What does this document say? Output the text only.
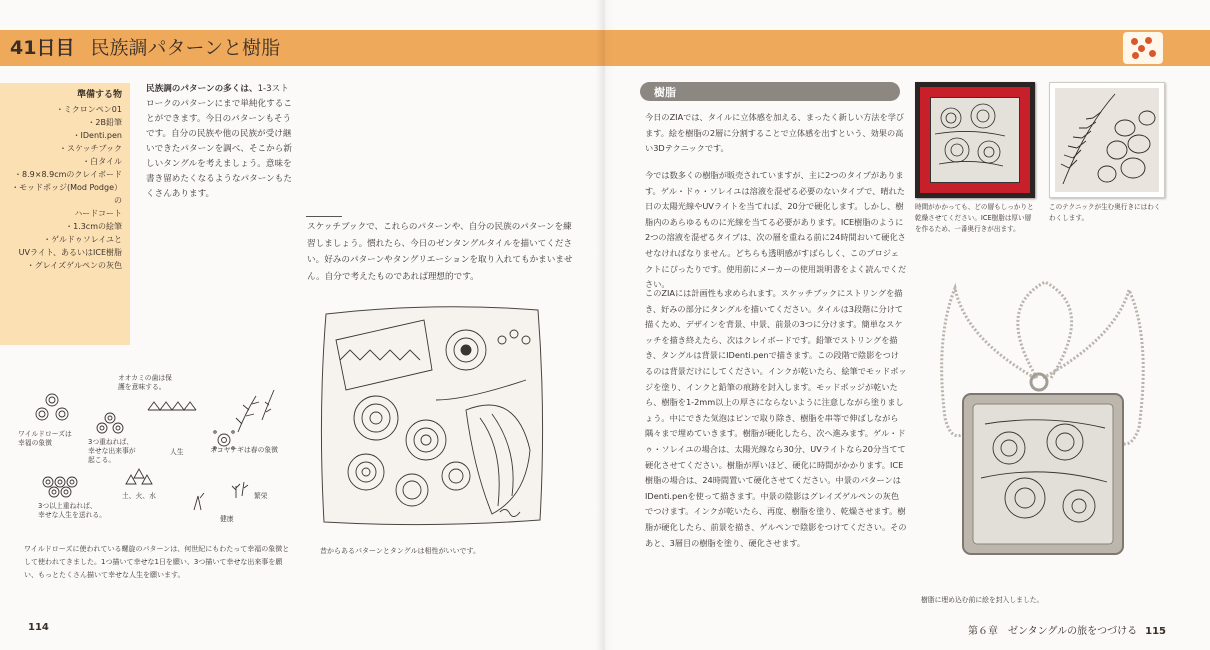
41日目 民族調パターンと樹脂
準備する物
・ミクロンペン01
・2B鉛筆
・IDenti.pen
・スケッチブック
・白タイル
・8.9×8.9cmのクレイボード
・モッドポッジ(Mod Podge）の
ハードコート
・1.3cmの絵筆
・ゲルドゥソレイユと
UVライト、あるいはICE樹脂
・グレイズゲルペンの灰色

民族調のパターンの多くは、1-3ストロークのパターンにまで単純化することができます。今日のパターンもそうです。自分の民族や他の民族が受け継いできたパターンを調べ、そこから新しいタングルを考えましょう。意味を書き留めたくなるようなパターンもたくさんあります。

スケッチブックで、これらのパターンや、自分の民族のパターンを練習しましょう。慣れたら、今日のゼンタングルタイルを描いてください。好みのパターンやタングリエーションを取り入れてもかまいません。自分で考えたものであれば理想的です。

オオカミの歯は保
護を意味する。
ワイルドローズは
幸福の象徴	3つ重ねれば、
幸せな出来事が
起こる。
人生	ネコヤナギは春の象徴
土、火、水
3つ以上重ねれば、
幸せな人生を送れる。
繁栄
健康

ワイルドローズに使われている螺旋のパターンは、何世紀にもわたって幸福の象徴として使われてきました。1つ描いて幸せな1日を願い、3つ描いて幸せな出来事を願い、もっとたくさん描いて幸せな人生を願います。

昔からあるパターンとタングルは相性がいいです。
114
樹脂

今日のZIAでは、タイルに立体感を加える、まったく新しい方法を学びます。絵を樹脂の2層に分割することで立体感を出すという、効果の高い3Dテクニックです。

今では数多くの樹脂が販売されていますが、主に2つのタイプがあります。ゲル・ドゥ・ソレイユは溶液を混ぜる必要のないタイプで、晴れた日の太陽光線やUVライトを当てれば、20分で硬化します。しかし、樹脂内のあらゆるものに光線を当てる必要があります。ICE樹脂のように2つの溶液を混ぜるタイプは、次の層を重ねる前に24時間おいて硬化させなければなりません。どちらも透明感がすばらしく、このプロジェクトにぴったりです。使用前にメーカーの使用説明書をよく読んでください。

このZIAには計画性も求められます。スケッチブックにストリングを描き、好みの部分にタングルを描いてください。タイルは3段階に分けて描くため、デザインを背景、中景、前景の3つに分けます。簡単なスケッチを描き終えたら、次はクレイボードです。鉛筆でストリングを描き、タングルは背景にIDenti.penで描きます。この段階で陰影をつけるのは背景だけにしてください。インクが乾いたら、絵筆でモッドポッジを塗り、インクと鉛筆の痕跡を封入します。モッドポッジが乾いたら、樹脂を1-2mm以上の厚さにならないように注意しながら塗りましょう。中にできた気泡はピンで取り除き、樹脂を串等で伸ばしながら隅々まで埋めていきます。樹脂が硬化したら、次へ進みます。ゲル・ドゥ・ソレイユの場合は、太陽光線なら30分、UVライトなら20分当てて硬化させてください。樹脂が厚いほど、硬化に時間がかかります。ICE樹脂の場合は、24時間置いて硬化させてください。中景のパターンはIDenti.penを使って描きます。中景の陰影はグレイズゲルペンの灰色でつけます。インクが乾いたら、再度、樹脂を塗り、乾燥させます。樹脂が硬化したら、前景を描き、ゲルペンで陰影をつけてください。そのあと、3層目の樹脂を塗り、硬化させます。

時間がかかっても、どの層もしっかりと乾燥させてください。ICE樹脂は厚い層を作るため、一番奥行きが出ます。
このテクニックが生む奥行きにはわくわくします。
樹脂に埋め込む前に絵を封入しました。
第６章　ゼンタングルの旅をつづける 115
